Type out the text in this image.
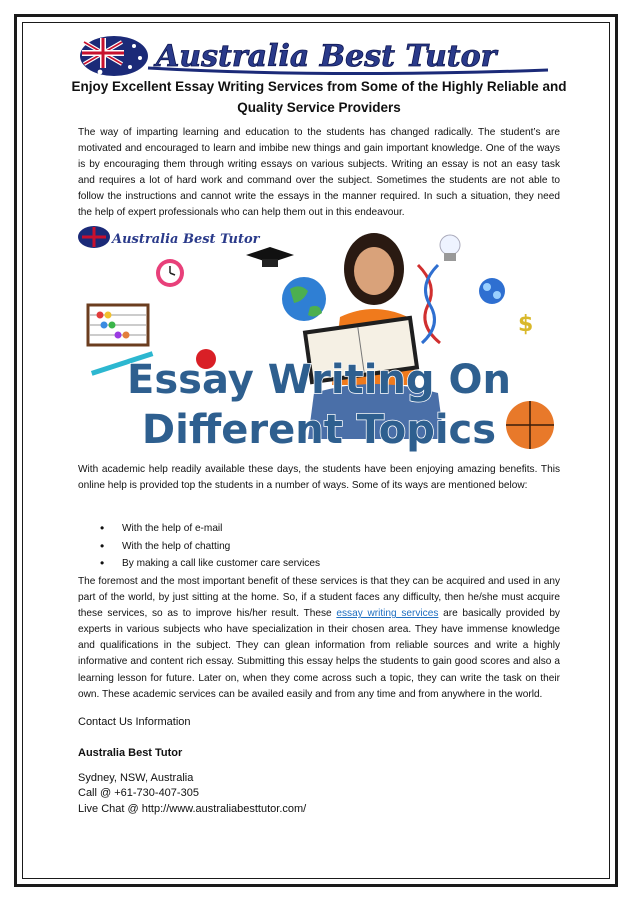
Australia Best Tutor
Enjoy Excellent Essay Writing Services from Some of the Highly Reliable and
Quality Service Providers

The way of imparting learning and education to the students has changed radically. The student’s are motivated and encouraged to learn and imbibe new things and gain important knowledge. One of the ways is by encouraging them through writing essays on various subjects. Writing an essay is not an easy task and requires a lot of hard work and command over the subject. Sometimes the students are not able to follow the instructions and cannot write the essays in the manner required. In such a situation, they need the help of expert professionals who can help them out in this endeavour.

Australia Best Tutor
$
Essay Writing On
Different Topics

With academic help readily available these days, the students have been enjoying amazing benefits. This online help is provided top the students in a number of ways. Some of its ways are mentioned below:

• With the help of e-mail
• With the help of chatting
• By making a call like customer care services

The foremost and the most important benefit of these services is that they can be acquired and used in any part of the world, by just sitting at the home. So, if a student faces any difficulty, then he/she must acquire these services, so as to improve his/her result. These essay writing services are basically provided by experts in various subjects who have specialization in their chosen area. They have immense knowledge and qualifications in the subject. They can glean information from reliable sources and write a highly informative and content rich essay. Submitting this essay helps the students to gain good scores and also a learning lesson for future. Later on, when they come across such a topic, they can write the task on their own. These academic services can be availed easily and from any time and from anywhere in the world.

Contact Us Information
Australia Best Tutor
Sydney, NSW, Australia
Call @ +61-730-407-305
Live Chat @ http://www.australiabesttutor.com/
